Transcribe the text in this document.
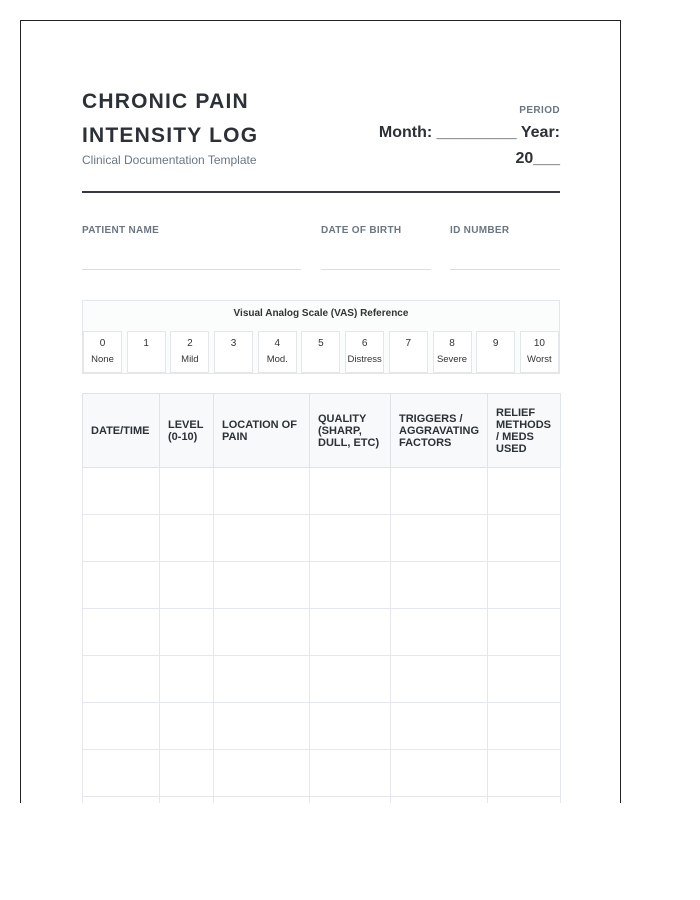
CHRONIC PAIN
INTENSITY LOG
Clinical Documentation Template
PERIOD
Month: _________ Year:
20___
PATIENT NAME	DATE OF BIRTH	ID NUMBER
Visual Analog Scale (VAS) Reference
0
None
1	2
Mild
3	4
Mod.
5	6
Distress
7	8
Severe
9	10
Worst
DATE/TIME	LEVEL (0-10)	LOCATION OF PAIN	QUALITY (SHARP, DULL, ETC)	TRIGGERS / AGGRAVATING FACTORS	RELIEF METHODS / MEDS USED
